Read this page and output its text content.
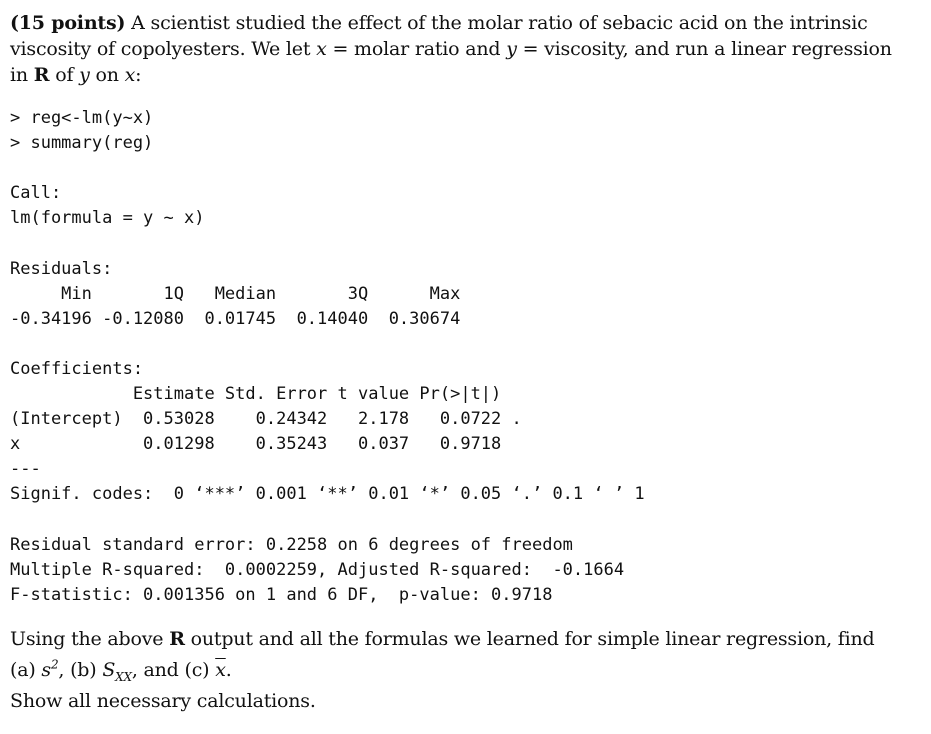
(15 points) A scientist studied the effect of the molar ratio of sebacic acid on the intrinsic viscosity of copolyesters. We let x = molar ratio and y = viscosity, and run a linear regression in R of y on x:
> reg<-lm(y~x)
> summary(reg)
Call:
lm(formula = y ~ x)
Residuals:
Min       1Q   Median       3Q      Max
-0.34196 -0.12080  0.01745  0.14040  0.30674
Coefficients:
Estimate Std. Error t value Pr(>|t|)
(Intercept)  0.53028    0.24342   2.178   0.0722 .
x            0.01298    0.35243   0.037   0.9718
---
Signif. codes:  0 ‘***’ 0.001 ‘**’ 0.01 ‘*’ 0.05 ‘.’ 0.1 ‘ ’ 1
Residual standard error: 0.2258 on 6 degrees of freedom
Multiple R-squared:  0.0002259, Adjusted R-squared:  -0.1664
F-statistic: 0.001356 on 1 and 6 DF,  p-value: 0.9718
Using the above R output and all the formulas we learned for simple linear regression, find
(a) $s^2$, (b) $S_{XX}$, and (c) $\overline{x}$.
Show all necessary calculations.
